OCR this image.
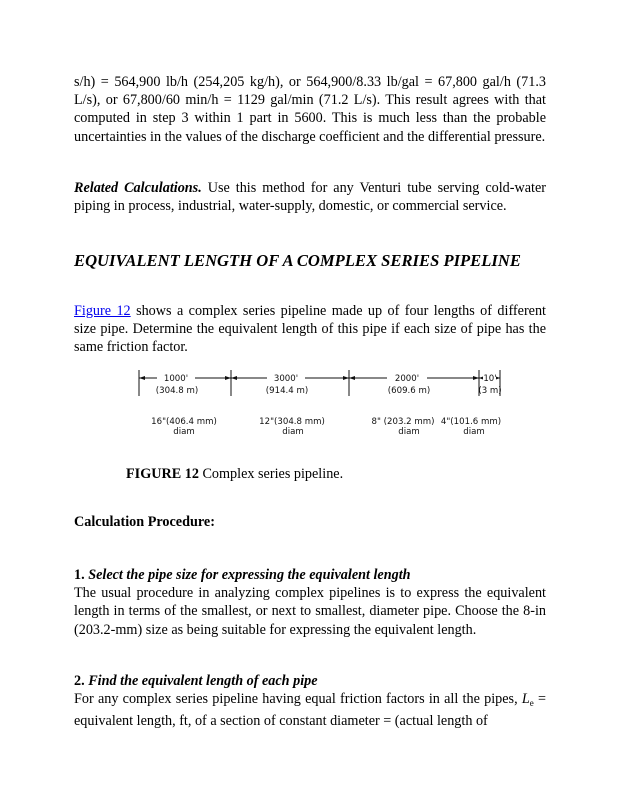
s/h) = 564,900 lb/h (254,205 kg/h), or 564,900/8.33 lb/gal = 67,800 gal/h (71.3 L/s), or 67,800/60 min/h = 1129 gal/min (71.2 L/s). This result agrees with that computed in step 3 within 1 part in 5600. This is much less than the probable uncertainties in the values of the discharge coefficient and the differential pressure.

Related Calculations. Use this method for any Venturi tube serving cold-water piping in process, industrial, water-supply, domestic, or commercial service.

EQUIVALENT LENGTH OF A COMPLEX SERIES PIPELINE

Figure 12 shows a complex series pipeline made up of four lengths of different size pipe. Determine the equivalent length of this pipe if each size of pipe has the same friction factor.

1000'
(304.8 m)
3000'
(914.4 m)
2000'
(609.6 m)
10'
(3 m)
16"(406.4 mm)
diam
12"(304.8 mm)
diam
8" (203.2 mm)
diam
4"(101.6 mm)
diam
FIGURE 12 Complex series pipeline.
Calculation Procedure:

1. Select the pipe size for expressing the equivalent length
The usual procedure in analyzing complex pipelines is to express the equivalent length in terms of the smallest, or next to smallest, diameter pipe. Choose the 8-in (203.2-mm) size as being suitable for expressing the equivalent length.

2. Find the equivalent length of each pipe
For any complex series pipeline having equal friction factors in all the pipes, $L_e$ = equivalent length, ft, of a section of constant diameter = (actual length of
